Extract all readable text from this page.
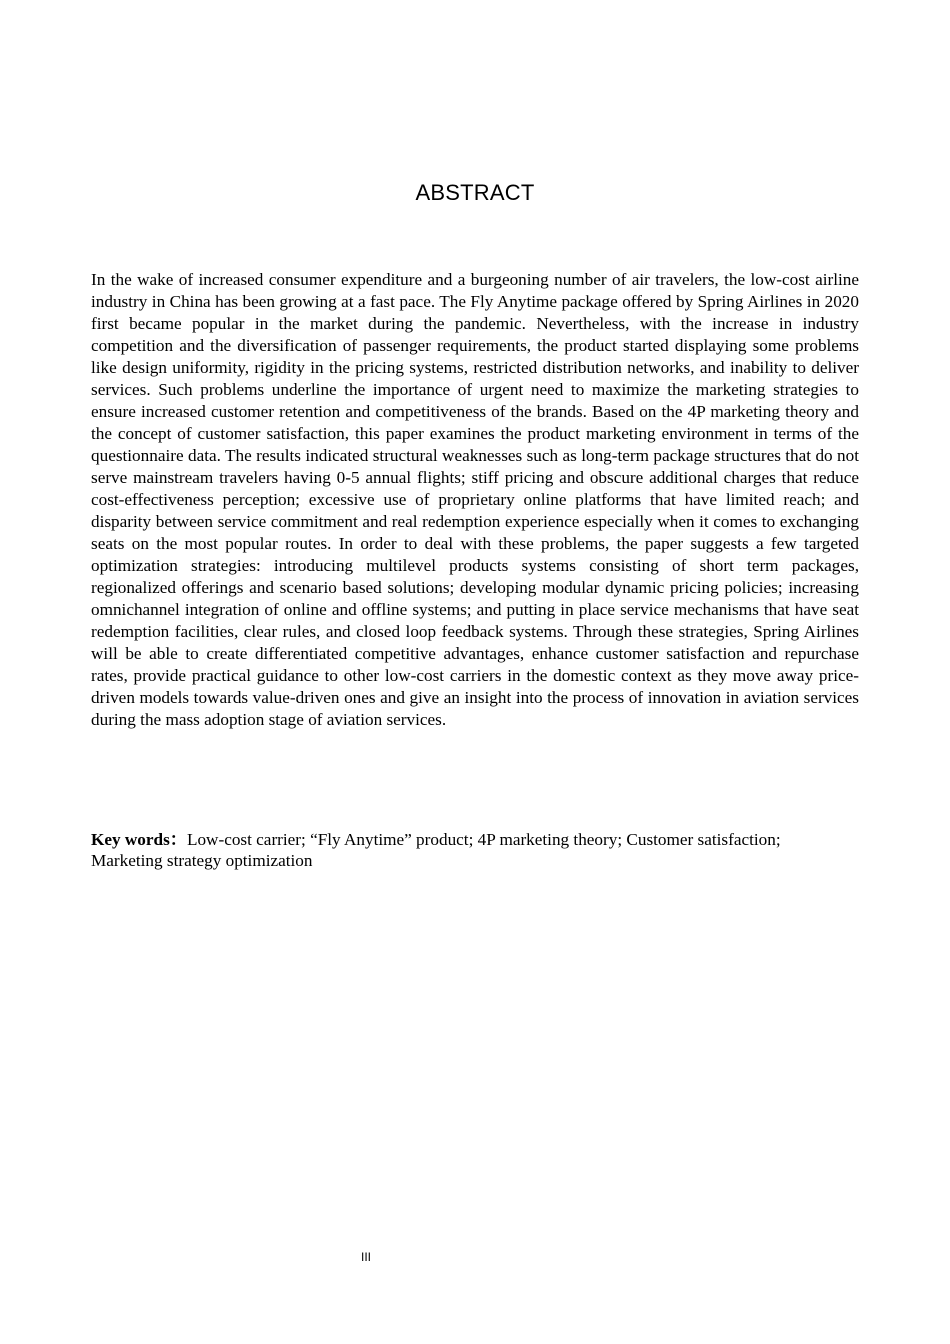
ABSTRACT

In the wake of increased consumer expenditure and a burgeoning number of air travelers, the low-cost airline industry in China has been growing at a fast pace. The Fly Anytime package offered by Spring Airlines in 2020 first became popular in the market during the pandemic. Nevertheless, with the increase in industry competition and the diversification of passenger requirements, the product started displaying some problems like design uniformity, rigidity in the pricing systems, restricted distribution networks, and inability to deliver services. Such problems underline the importance of urgent need to maximize the marketing strategies to ensure increased customer retention and competitiveness of the brands. Based on the 4P marketing theory and the concept of customer satisfaction, this paper examines the product marketing environment in terms of the questionnaire data. The results indicated structural weaknesses such as long-term package structures that do not serve mainstream travelers having 0-5 annual flights; stiff pricing and obscure additional charges that reduce cost-effectiveness perception; excessive use of proprietary online platforms that have limited reach; and disparity between service commitment and real redemption experience especially when it comes to exchanging seats on the most popular routes. In order to deal with these problems, the paper suggests a few targeted optimization strategies: introducing multilevel products systems consisting of short term packages, regionalized offerings and scenario based solutions; developing modular dynamic pricing policies; increasing omnichannel integration of online and offline systems; and putting in place service mechanisms that have seat redemption facilities, clear rules, and closed loop feedback systems. Through these strategies, Spring Airlines will be able to create differentiated competitive advantages, enhance customer satisfaction and repurchase rates, provide practical guidance to other low-cost carriers in the domestic context as they move away price-driven models towards value-driven ones and give an insight into the process of innovation in aviation services during the mass adoption stage of aviation services.

Key words：Low-cost carrier; “Fly Anytime” product; 4P marketing theory; Customer satisfaction; Marketing strategy optimization

III
